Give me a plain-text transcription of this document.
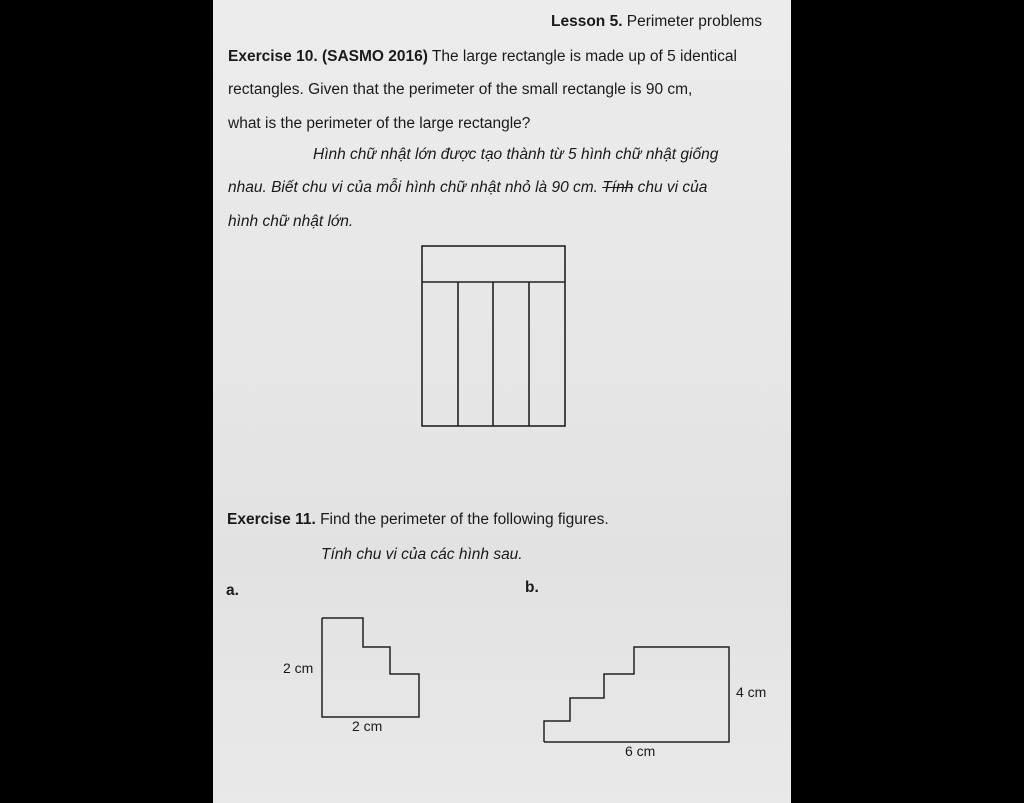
Lesson 5. Perimeter problems
Exercise 10. (SASMO 2016) The large rectangle is made up of 5 identical
rectangles. Given that the perimeter of the small rectangle is 90 cm,
what is the perimeter of the large rectangle?
Hình chữ nhật lớn được tạo thành từ 5 hình chữ nhật giống
nhau. Biết chu vi của mỗi hình chữ nhật nhỏ là 90 cm. Tính chu vi của
hình chữ nhật lớn.
Exercise 11. Find the perimeter of the following figures.
Tính chu vi của các hình sau.
a.	b.
2 cm
2 cm
4 cm
6 cm
